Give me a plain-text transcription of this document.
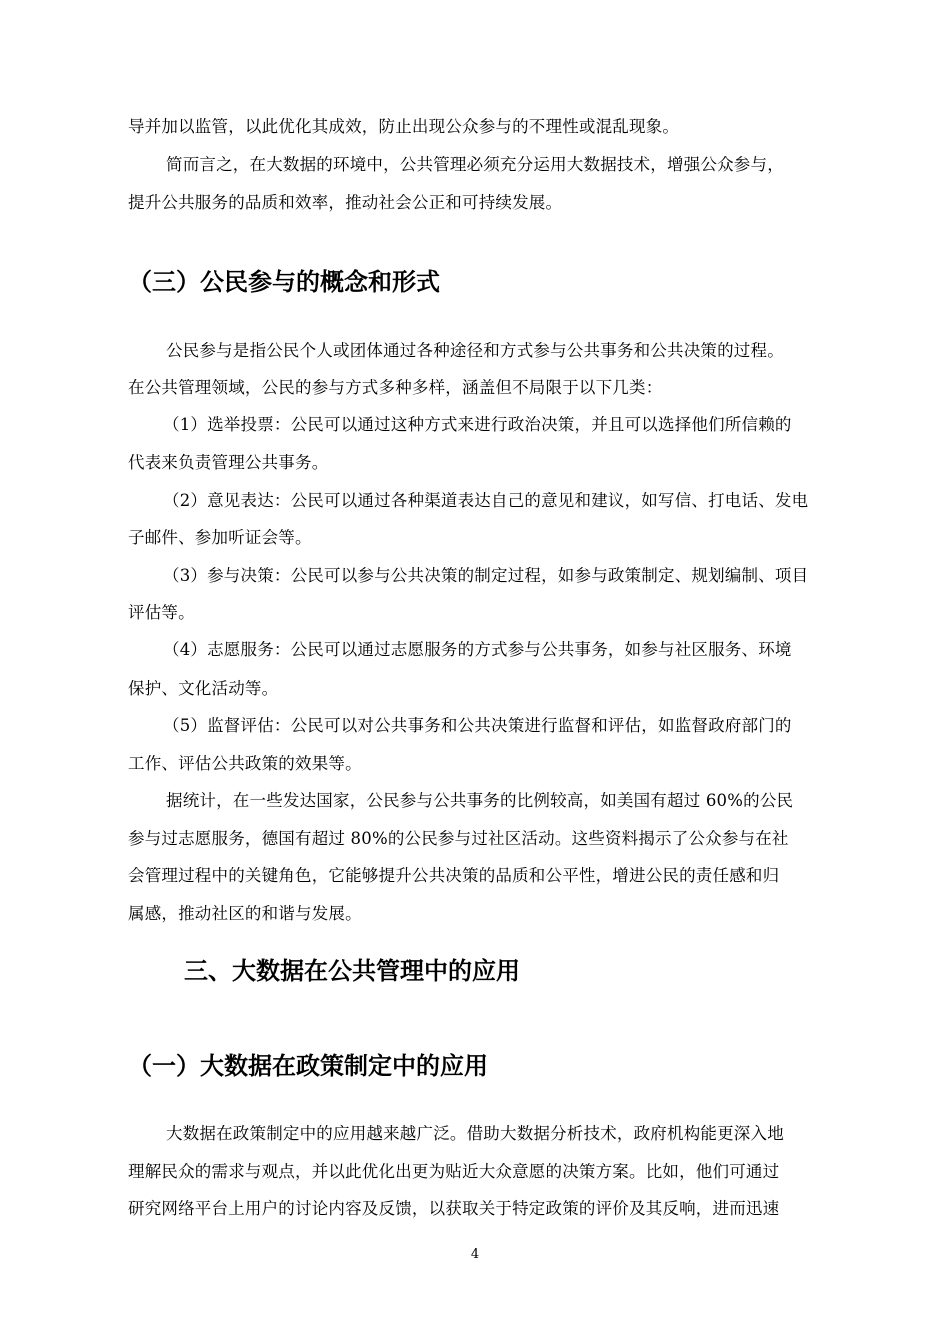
导并加以监管，以此优化其成效，防止出现公众参与的不理性或混乱现象。
简而言之，在大数据的环境中，公共管理必须充分运用大数据技术，增强公众参与，
提升公共服务的品质和效率，推动社会公正和可持续发展。
（三）公民参与的概念和形式
公民参与是指公民个人或团体通过各种途径和方式参与公共事务和公共决策的过程。
在公共管理领域，公民的参与方式多种多样，涵盖但不局限于以下几类：
（1）选举投票：公民可以通过这种方式来进行政治决策，并且可以选择他们所信赖的
代表来负责管理公共事务。
（2）意见表达：公民可以通过各种渠道表达自己的意见和建议，如写信、打电话、发电
子邮件、参加听证会等。
（3）参与决策：公民可以参与公共决策的制定过程，如参与政策制定、规划编制、项目
评估等。
（4）志愿服务：公民可以通过志愿服务的方式参与公共事务，如参与社区服务、环境
保护、文化活动等。
（5）监督评估：公民可以对公共事务和公共决策进行监督和评估，如监督政府部门的
工作、评估公共政策的效果等。
据统计，在一些发达国家，公民参与公共事务的比例较高，如美国有超过 60%的公民
参与过志愿服务，德国有超过 80%的公民参与过社区活动。这些资料揭示了公众参与在社
会管理过程中的关键角色，它能够提升公共决策的品质和公平性，增进公民的责任感和归
属感，推动社区的和谐与发展。
三、大数据在公共管理中的应用
（一）大数据在政策制定中的应用
大数据在政策制定中的应用越来越广泛。借助大数据分析技术，政府机构能更深入地
理解民众的需求与观点，并以此优化出更为贴近大众意愿的决策方案。比如，他们可通过
研究网络平台上用户的讨论内容及反馈，以获取关于特定政策的评价及其反响，进而迅速
4
